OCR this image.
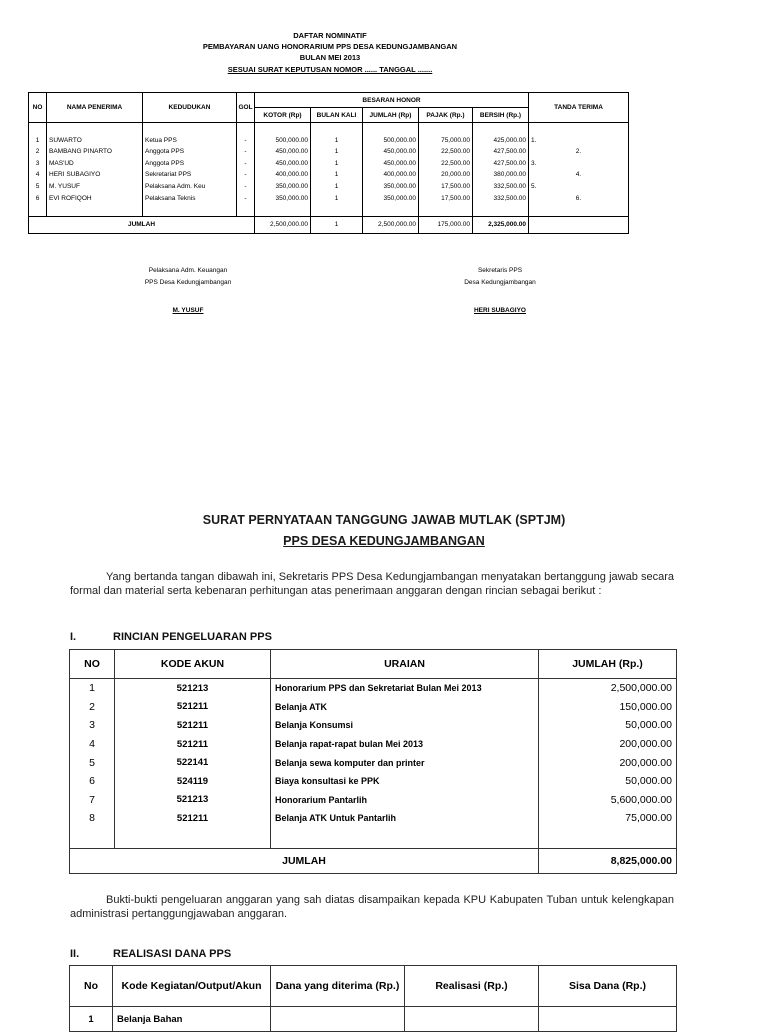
DAFTAR NOMINATIF
PEMBAYARAN UANG HONORARIUM PPS DESA KEDUNGJAMBANGAN
BULAN MEI 2013
SESUAI SURAT KEPUTUSAN NOMOR ...... TANGGAL .......
NO	NAMA PENERIMA	KEDUDUKAN	GOL	BESARAN HONOR					TANDA TERIMA
				KOTOR (Rp)	BULAN KALI	JUMLAH (Rp)	PAJAK (Rp.)	BERSIH (Rp.)	

1	SUWARTO	Ketua PPS	-	500,000.00	1	500,000.00	75,000.00	425,000.00	1.
2	BAMBANG PINARTO	Anggota PPS	-	450,000.00	1	450,000.00	22,500.00	427,500.00	2.
3	MAS'UD	Anggota PPS	-	450,000.00	1	450,000.00	22,500.00	427,500.00	3.
4	HERI SUBAGIYO	Sekretariat PPS	-	400,000.00	1	400,000.00	20,000.00	380,000.00	4.
5	M. YUSUF	Pelaksana Adm. Keu	-	350,000.00	1	350,000.00	17,500.00	332,500.00	5.
6	EVI ROFIQOH	Pelaksana Teknis	-	350,000.00	1	350,000.00	17,500.00	332,500.00	6.

JUMLAH				2,500,000.00	1	2,500,000.00	175,000.00	2,325,000.00	
Pelaksana Adm. Keuangan
PPS Desa Kedungjambangan
M. YUSUF
Sekretaris PPS
Desa Kedungjambangan
HERI SUBAGIYO
SURAT PERNYATAAN TANGGUNG JAWAB MUTLAK (SPTJM)
PPS DESA KEDUNGJAMBANGAN
Yang bertanda tangan dibawah ini, Sekretaris PPS Desa Kedungjambangan menyatakan bertanggung jawab secara formal dan material serta kebenaran perhitungan atas penerimaan anggaran dengan rincian sebagai berikut :
I.	RINCIAN PENGELUARAN PPS
NO	KODE AKUN	URAIAN	JUMLAH (Rp.)
1	521213	Honorarium PPS dan Sekretariat Bulan Mei 2013	2,500,000.00
2	521211	Belanja ATK	150,000.00
3	521211	Belanja Konsumsi	50,000.00
4	521211	Belanja rapat-rapat bulan Mei 2013	200,000.00
5	522141	Belanja sewa komputer dan printer	200,000.00
6	524119	Biaya konsultasi ke PPK	50,000.00
7	521213	Honorarium Pantarlih	5,600,000.00
8	521211	Belanja ATK Untuk Pantarlih	75,000.00

JUMLAH			8,825,000.00
Bukti-bukti pengeluaran anggaran yang sah diatas disampaikan kepada KPU Kabupaten Tuban untuk kelengkapan administrasi pertanggungjawaban anggaran.
II.	REALISASI DANA PPS
No	Kode Kegiatan/Output/Akun	Dana yang diterima (Rp.)	Realisasi (Rp.)	Sisa Dana (Rp.)
1	Belanja Bahan			
